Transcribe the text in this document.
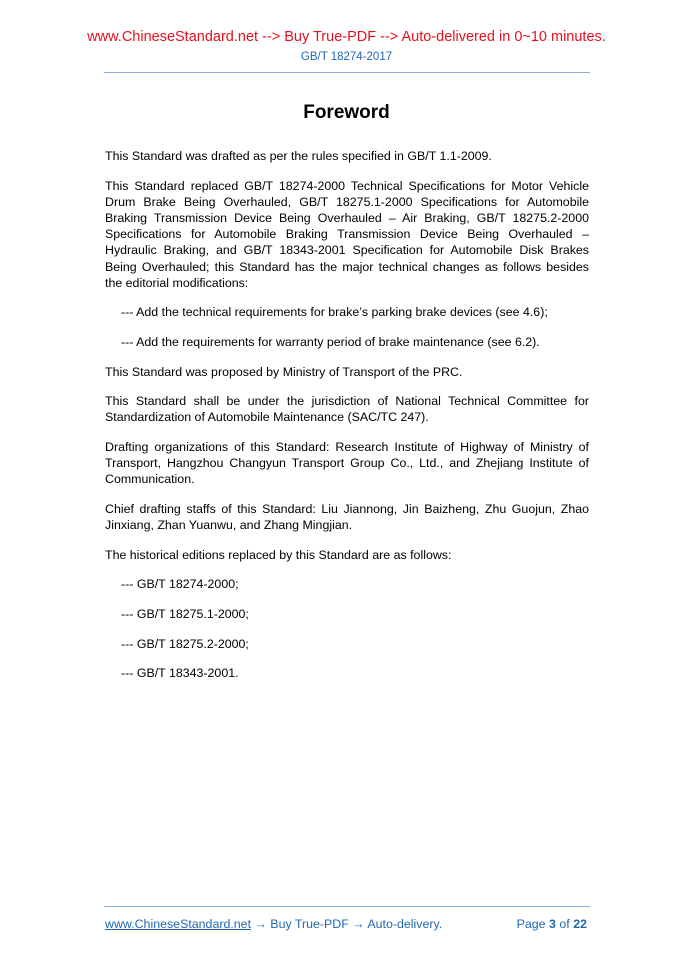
www.ChineseStandard.net --> Buy True-PDF --> Auto-delivered in 0~10 minutes.
GB/T 18274-2017
Foreword

This Standard was drafted as per the rules specified in GB/T 1.1-2009.

This Standard replaced GB/T 18274-2000 Technical Specifications for Motor Vehicle Drum Brake Being Overhauled, GB/T 18275.1-2000 Specifications for Automobile Braking Transmission Device Being Overhauled – Air Braking, GB/T 18275.2-2000 Specifications for Automobile Braking Transmission Device Being Overhauled – Hydraulic Braking, and GB/T 18343-2001 Specification for Automobile Disk Brakes Being Overhauled; this Standard has the major technical changes as follows besides the editorial modifications:

--- Add the technical requirements for brake’s parking brake devices (see 4.6);

--- Add the requirements for warranty period of brake maintenance (see 6.2).

This Standard was proposed by Ministry of Transport of the PRC.

This Standard shall be under the jurisdiction of National Technical Committee for Standardization of Automobile Maintenance (SAC/TC 247).

Drafting organizations of this Standard: Research Institute of Highway of Ministry of Transport, Hangzhou Changyun Transport Group Co., Ltd., and Zhejiang Institute of Communication.

Chief drafting staffs of this Standard: Liu Jiannong, Jin Baizheng, Zhu Guojun, Zhao Jinxiang, Zhan Yuanwu, and Zhang Mingjian.

The historical editions replaced by this Standard are as follows:

--- GB/T 18274-2000;

--- GB/T 18275.1-2000;

--- GB/T 18275.2-2000;

--- GB/T 18343-2001.

www.ChineseStandard.net → Buy True-PDF → Auto-delivery.	Page 3 of 22
